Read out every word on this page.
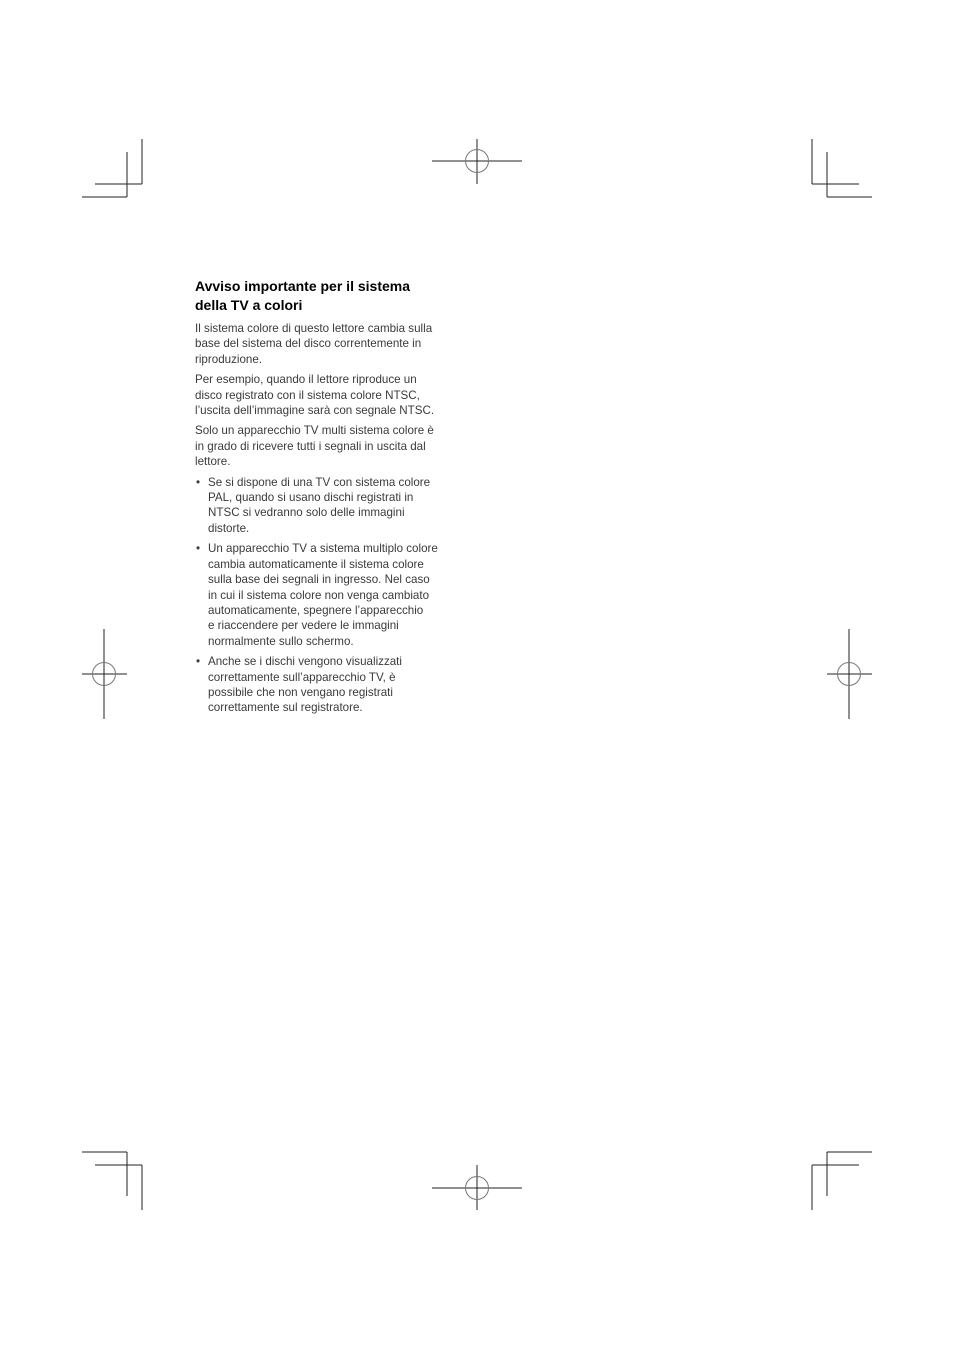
Avviso importante per il sistema
della TV a colori

Il sistema colore di questo lettore cambia sulla
base del sistema del disco correntemente in
riproduzione.

Per esempio, quando il lettore riproduce un
disco registrato con il sistema colore NTSC,
l’uscita dell’immagine sarà con segnale NTSC.

Solo un apparecchio TV multi sistema colore è
in grado di ricevere tutti i segnali in uscita dal
lettore.

• Se si dispone di una TV con sistema colore
PAL, quando si usano dischi registrati in
NTSC si vedranno solo delle immagini
distorte.
• Un apparecchio TV a sistema multiplo colore
cambia automaticamente il sistema colore
sulla base dei segnali in ingresso. Nel caso
in cui il sistema colore non venga cambiato
automaticamente, spegnere l’apparecchio
e riaccendere per vedere le immagini
normalmente sullo schermo.
• Anche se i dischi vengono visualizzati
correttamente sull’apparecchio TV, è
possibile che non vengano registrati
correttamente sul registratore.
